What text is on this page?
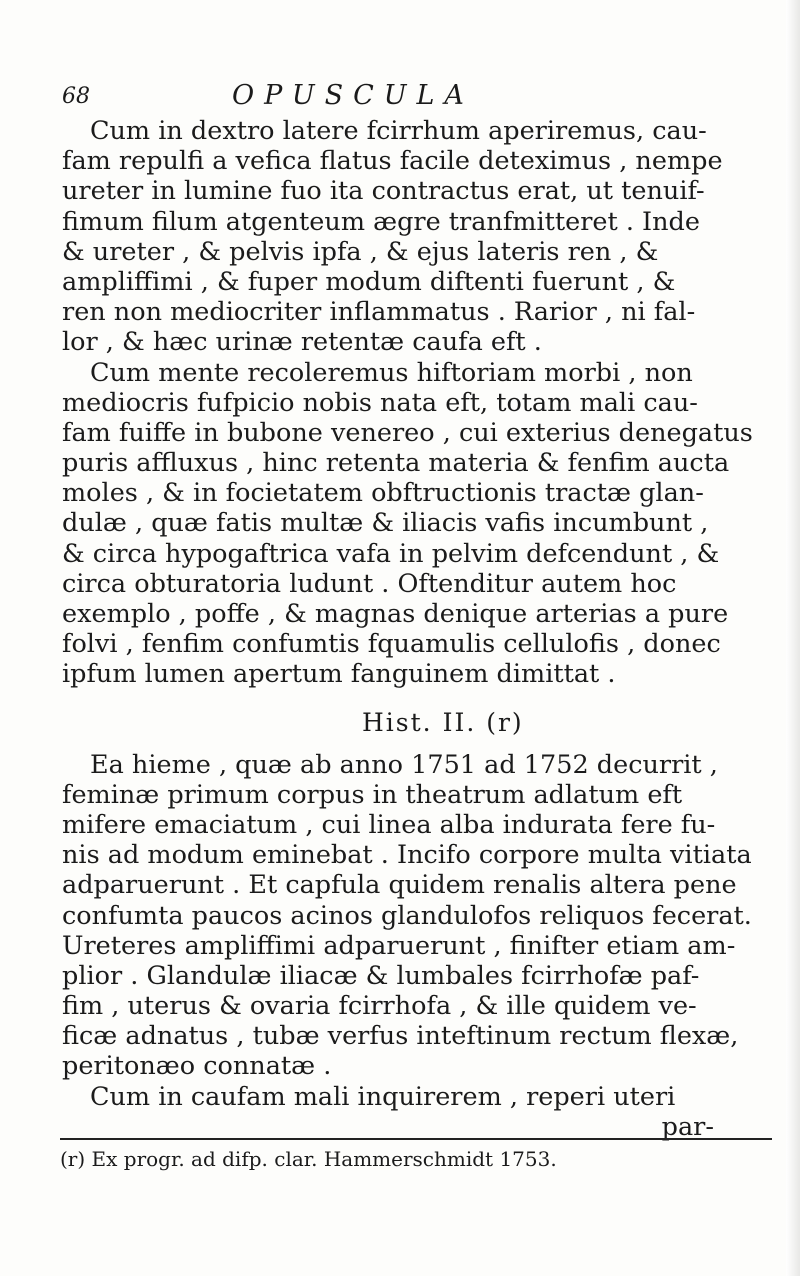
68	OPUSCULA
Cum in dextro latere fcirrhum aperiremus, cau-
fam repulfi a vefica flatus facile deteximus , nempe
ureter in lumine fuo ita contractus erat, ut tenuif-
fimum filum atgenteum ægre tranfmitteret . Inde
& ureter , & pelvis ipfa , & ejus lateris ren , &
ampliffimi , & fuper modum diftenti fuerunt , &
ren non mediocriter inflammatus . Rarior , ni fal-
lor , & hæc urinæ retentæ caufa eft .
Cum mente recoleremus hiftoriam morbi , non
mediocris fufpicio nobis nata eft, totam mali cau-
fam fuiffe in bubone venereo , cui exterius denegatus
puris affluxus , hinc retenta materia & fenfim aucta
moles , & in focietatem obftructionis tractæ glan-
dulæ , quæ fatis multæ & iliacis vafis incumbunt ,
& circa hypogaftrica vafa in pelvim defcendunt , &
circa obturatoria ludunt . Oftenditur autem hoc
exemplo , poffe , & magnas denique arterias a pure
folvi , fenfim confumtis fquamulis cellulofis , donec
ipfum lumen apertum fanguinem dimittat .
Hist. II. (r)
Ea hieme , quæ ab anno 1751 ad 1752 decurrit ,
feminæ primum corpus in theatrum adlatum eft
mifere emaciatum , cui linea alba indurata fere fu-
nis ad modum eminebat . Incifo corpore multa vitiata
adparuerunt . Et capfula quidem renalis altera pene
confumta paucos acinos glandulofos reliquos fecerat.
Ureteres ampliffimi adparuerunt , finifter etiam am-
plior . Glandulæ iliacæ & lumbales fcirrhofæ paf-
fim , uterus & ovaria fcirrhofa , & ille quidem ve-
ficæ adnatus , tubæ verfus inteftinum rectum flexæ,
peritonæo connatæ .
Cum in caufam mali inquirerem , reperi uteri
par-
(r) Ex progr. ad difp. clar. Hammerschmidt 1753.
